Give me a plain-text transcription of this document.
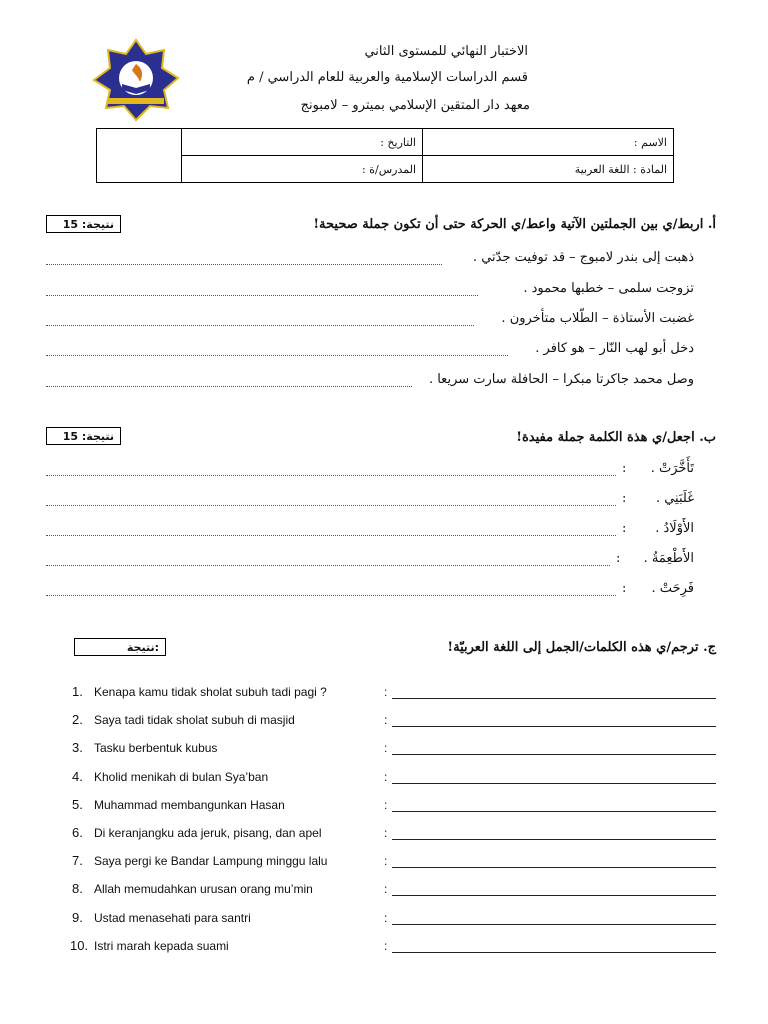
الاختبار النهائي للمستوى الثاني
قسم الدراسات الإسلامية والعربية للعام الدراسي / م
معهد دار المتقين الإسلامي بميترو – لامبونج
	التاريخ :	الاسم :
	المدرس/ة :	المادة : اللغة العربية
أ. اربط/ي بين الجملتين الآتية واعط/ي الحركة حتى أن تكون جملة صحيحة!
نتيجة: 15
ذهبت إلى بندر لامبوج – قد توفيت جدّتي .
تزوجت سلمى – خطبها محمود .
غضبت الأستاذة – الطّلاب متأخرون .
دخل أبو لهب النّار – هو كافر .
وصل محمد جاكرتا مبكرا – الحافلة سارت سريعا .
ب. اجعل/ي هذة الكلمة جملة مفيدة!
نتيجة: 15
تَأَخَّرَتْ .
:
غَلَبَنِي .
:
الأَوْلَادُ .
:
الأَطْعِمَةُ .
:
فَرِحَتْ .
:
ج. ترجم/ي هذه الكلمات/الجمل إلى اللغة العربيّة!
نتيجة:
1. Kenapa kamu tidak sholat subuh tadi pagi ?	:
2. Saya tadi tidak sholat subuh di masjid	:
3. Tasku berbentuk kubus	:
4. Kholid menikah di bulan Sya’ban	:
5. Muhammad membangunkan Hasan	:
6. Di keranjangku ada jeruk, pisang, dan apel	:
7. Saya pergi ke Bandar Lampung minggu lalu	:
8. Allah memudahkan urusan orang mu’min	:
9. Ustad menasehati para santri	:
10. Istri marah kepada suami	:
